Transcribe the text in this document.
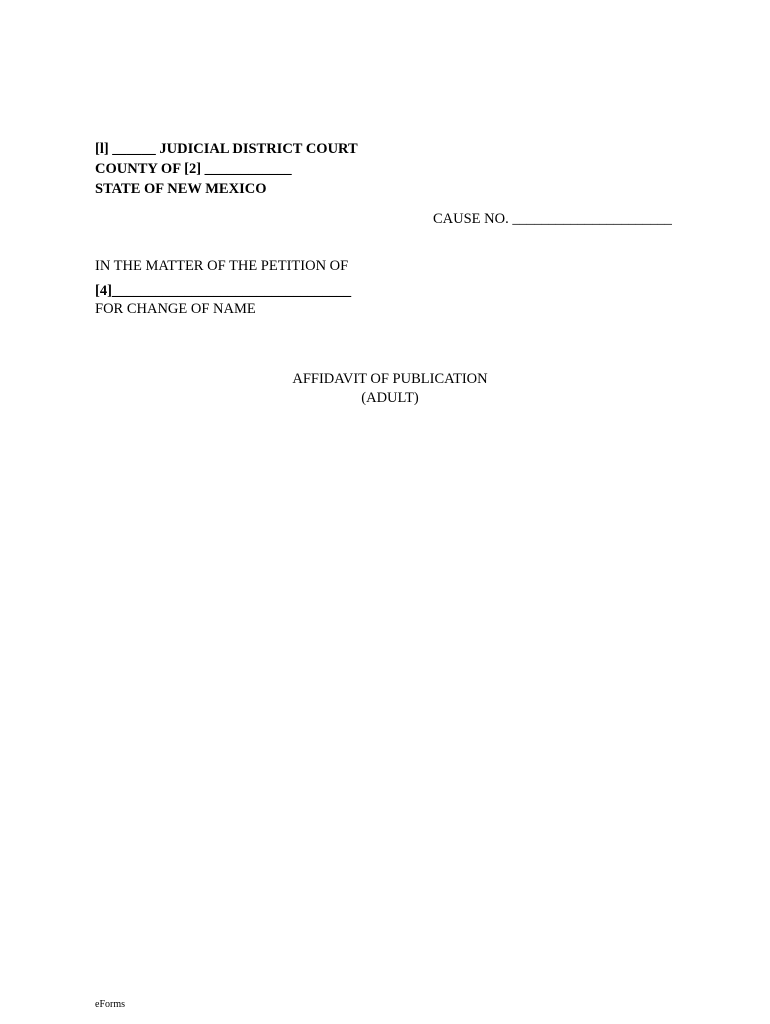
[l] ______ JUDICIAL DISTRICT COURT
COUNTY OF [2] ____________
STATE OF NEW MEXICO
CAUSE NO. ______________________
IN THE MATTER OF THE PETITION OF
[4]_________________________________
FOR CHANGE OF NAME
AFFIDAVIT OF PUBLICATION
(ADULT)
eForms
